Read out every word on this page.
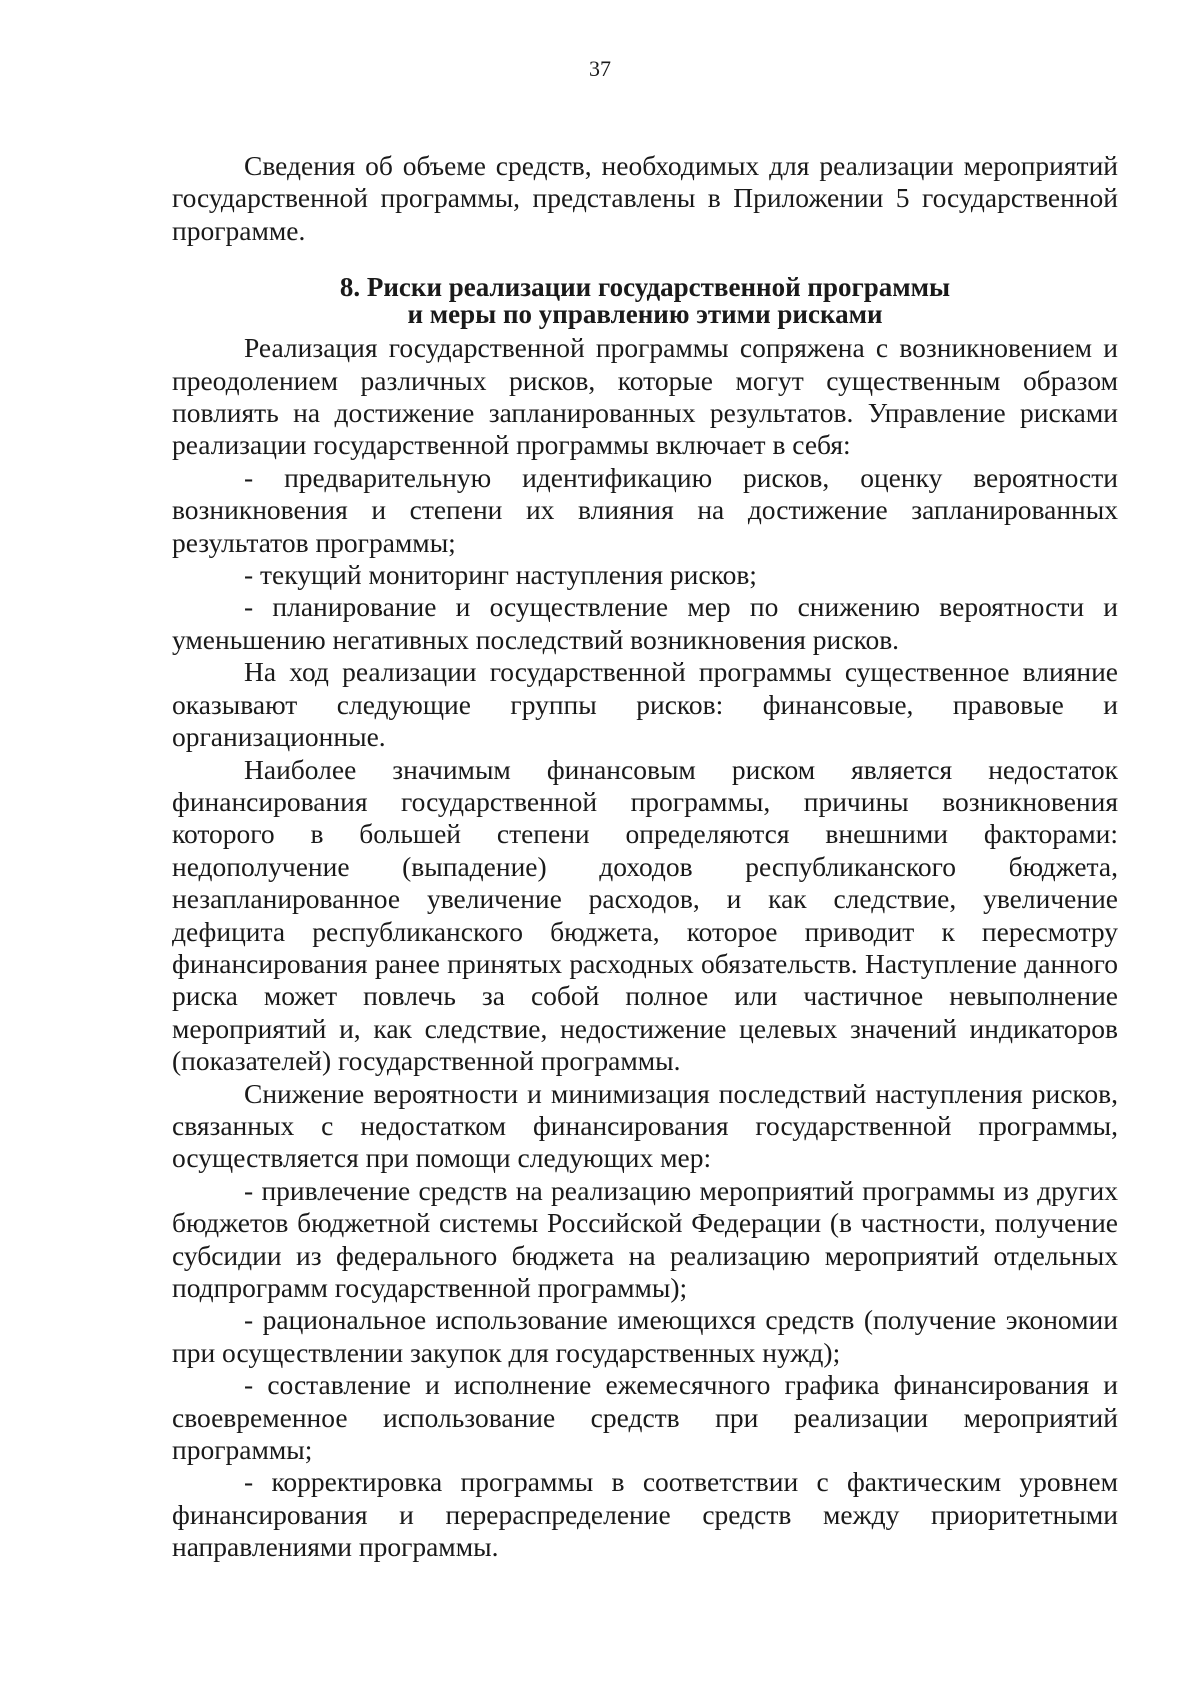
37

Сведения об объеме средств, необходимых для реализации мероприятий государственной программы, представлены в Приложении 5 государственной программе.

8. Риски реализации государственной программы
и меры по управлению этими рисками

Реализация государственной программы сопряжена с возникновением и преодолением различных рисков, которые могут существенным образом повлиять на достижение запланированных результатов. Управление рисками реализации государственной программы включает в себя:

- предварительную идентификацию рисков, оценку вероятности возникновения и степени их влияния на достижение запланированных результатов программы;

- текущий мониторинг наступления рисков;

- планирование и осуществление мер по снижению вероятности и уменьшению негативных последствий возникновения рисков.

На ход реализации государственной программы существенное влияние оказывают следующие группы рисков: финансовые, правовые и организационные.

Наиболее значимым финансовым риском является недостаток финансирования государственной программы, причины возникновения которого в большей степени определяются внешними факторами: недополучение (выпадение) доходов республиканского бюджета, незапланированное увеличение расходов, и как следствие, увеличение дефицита республиканского бюджета, которое приводит к пересмотру финансирования ранее принятых расходных обязательств. Наступление данного риска может повлечь за собой полное или частичное невыполнение мероприятий и, как следствие, недостижение целевых значений индикаторов (показателей) государственной программы.

Снижение вероятности и минимизация последствий наступления рисков, связанных с недостатком финансирования государственной программы, осуществляется при помощи следующих мер:

- привлечение средств на реализацию мероприятий программы из других бюджетов бюджетной системы Российской Федерации (в частности, получение субсидии из федерального бюджета на реализацию мероприятий отдельных подпрограмм государственной программы);

- рациональное использование имеющихся средств (получение экономии при осуществлении закупок для государственных нужд);

- составление и исполнение ежемесячного графика финансирования и своевременное использование средств при реализации мероприятий программы;

- корректировка программы в соответствии с фактическим уровнем финансирования и перераспределение средств между приоритетными направлениями программы.
